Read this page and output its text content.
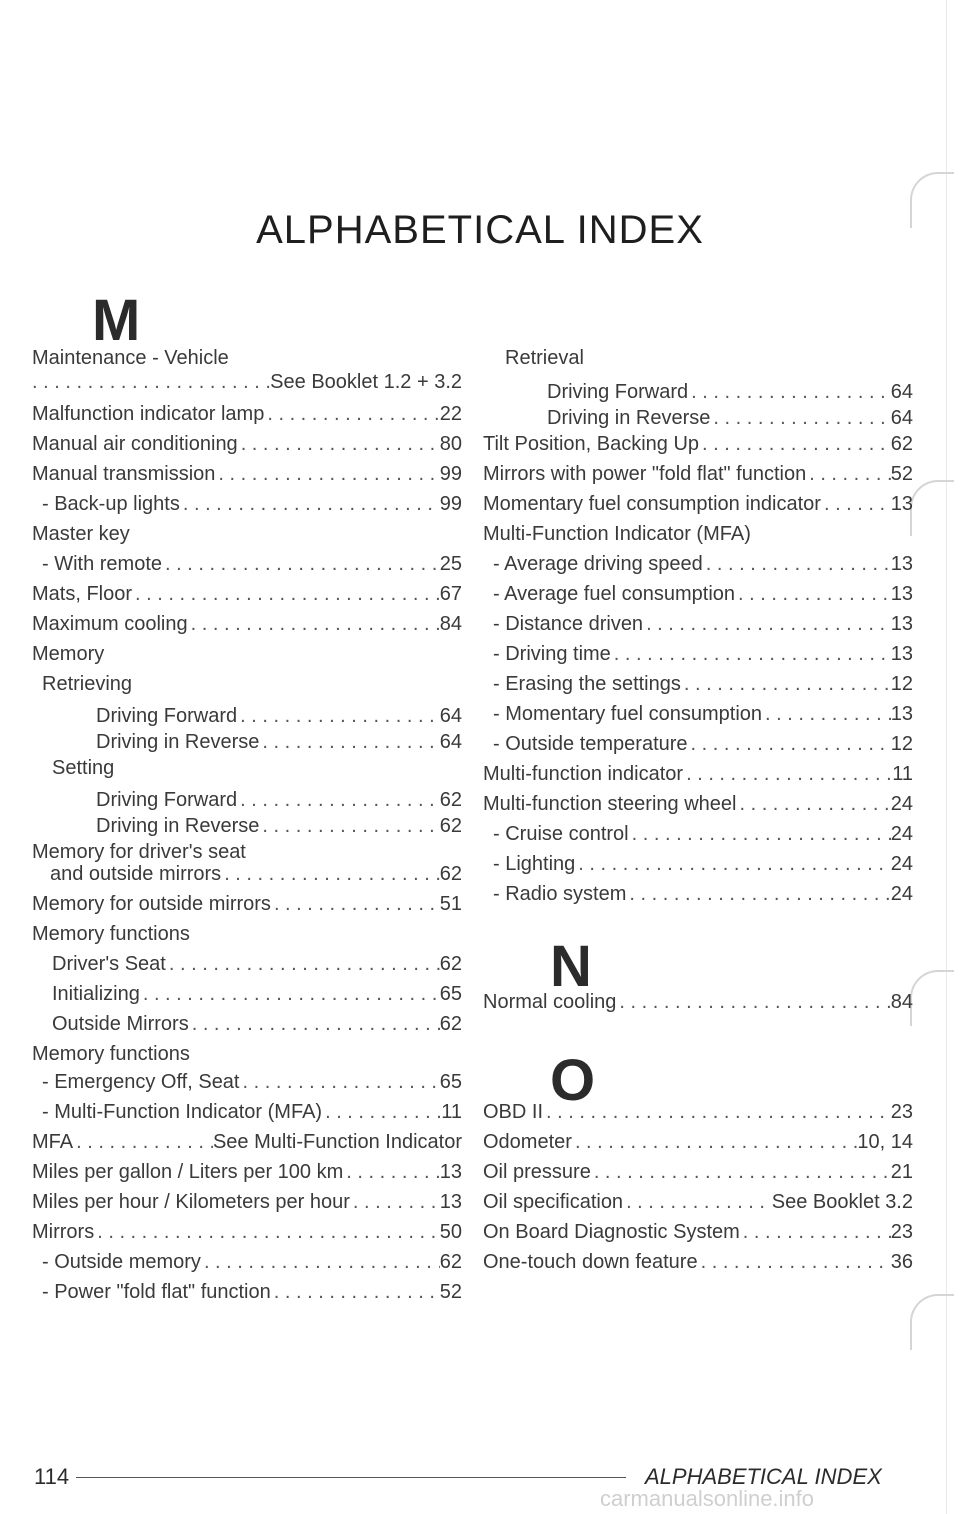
ALPHABETICAL INDEX
M
N
O
Maintenance - Vehicle
. . .
See Booklet 1.2 + 3.2
Malfunction indicator lamp . . .	22
Manual air conditioning . . .	80
Manual transmission . . .	99
- Back-up lights . . .	99
Master key
- With remote . . .	25
Mats, Floor . . .	67
Maximum cooling . . .	84
Memory
Retrieving
Driving Forward . . .	64
Driving in Reverse . . .	64
Setting
Driving Forward . . .	62
Driving in Reverse . . .	62
Memory for driver's seat
and outside mirrors . . .	62
Memory for outside mirrors . . .	51
Memory functions
Driver's Seat . . .	62
Initializing . . .	65
Outside Mirrors . . .	62
Memory functions
- Emergency Off, Seat . . .	65
- Multi-Function Indicator (MFA) . . .	11
MFA . . .	See Multi-Function Indicator
Miles per gallon / Liters per 100 km . . .	13
Miles per hour / Kilometers per hour . . .	13
Mirrors . . .	50
- Outside memory . . .	62
- Power "fold flat" function . . .	52
Retrieval
Driving Forward . . .	64
Driving in Reverse . . .	64
Tilt Position, Backing Up . . .	62
Mirrors with power "fold flat" function . . .	52
Momentary fuel consumption indicator . . .	13
Multi-Function Indicator (MFA)
- Average driving speed . . .	13
- Average fuel consumption . . .	13
- Distance driven . . .	13
- Driving time . . .	13
- Erasing the settings . . .	12
- Momentary fuel consumption . . .	13
- Outside temperature . . .	12
Multi-function indicator . . .	11
Multi-function steering wheel . . .	24
- Cruise control . . .	24
- Lighting . . .	24
- Radio system . . .	24
Normal cooling . . .	84
OBD II . . .	23
Odometer . . .	10, 14
Oil pressure . . .	21
Oil specification . . .	See Booklet 3.2
On Board Diagnostic System . . .	23
One-touch down feature . . .	36
114	ALPHABETICAL INDEX
carmanualsonline.info
